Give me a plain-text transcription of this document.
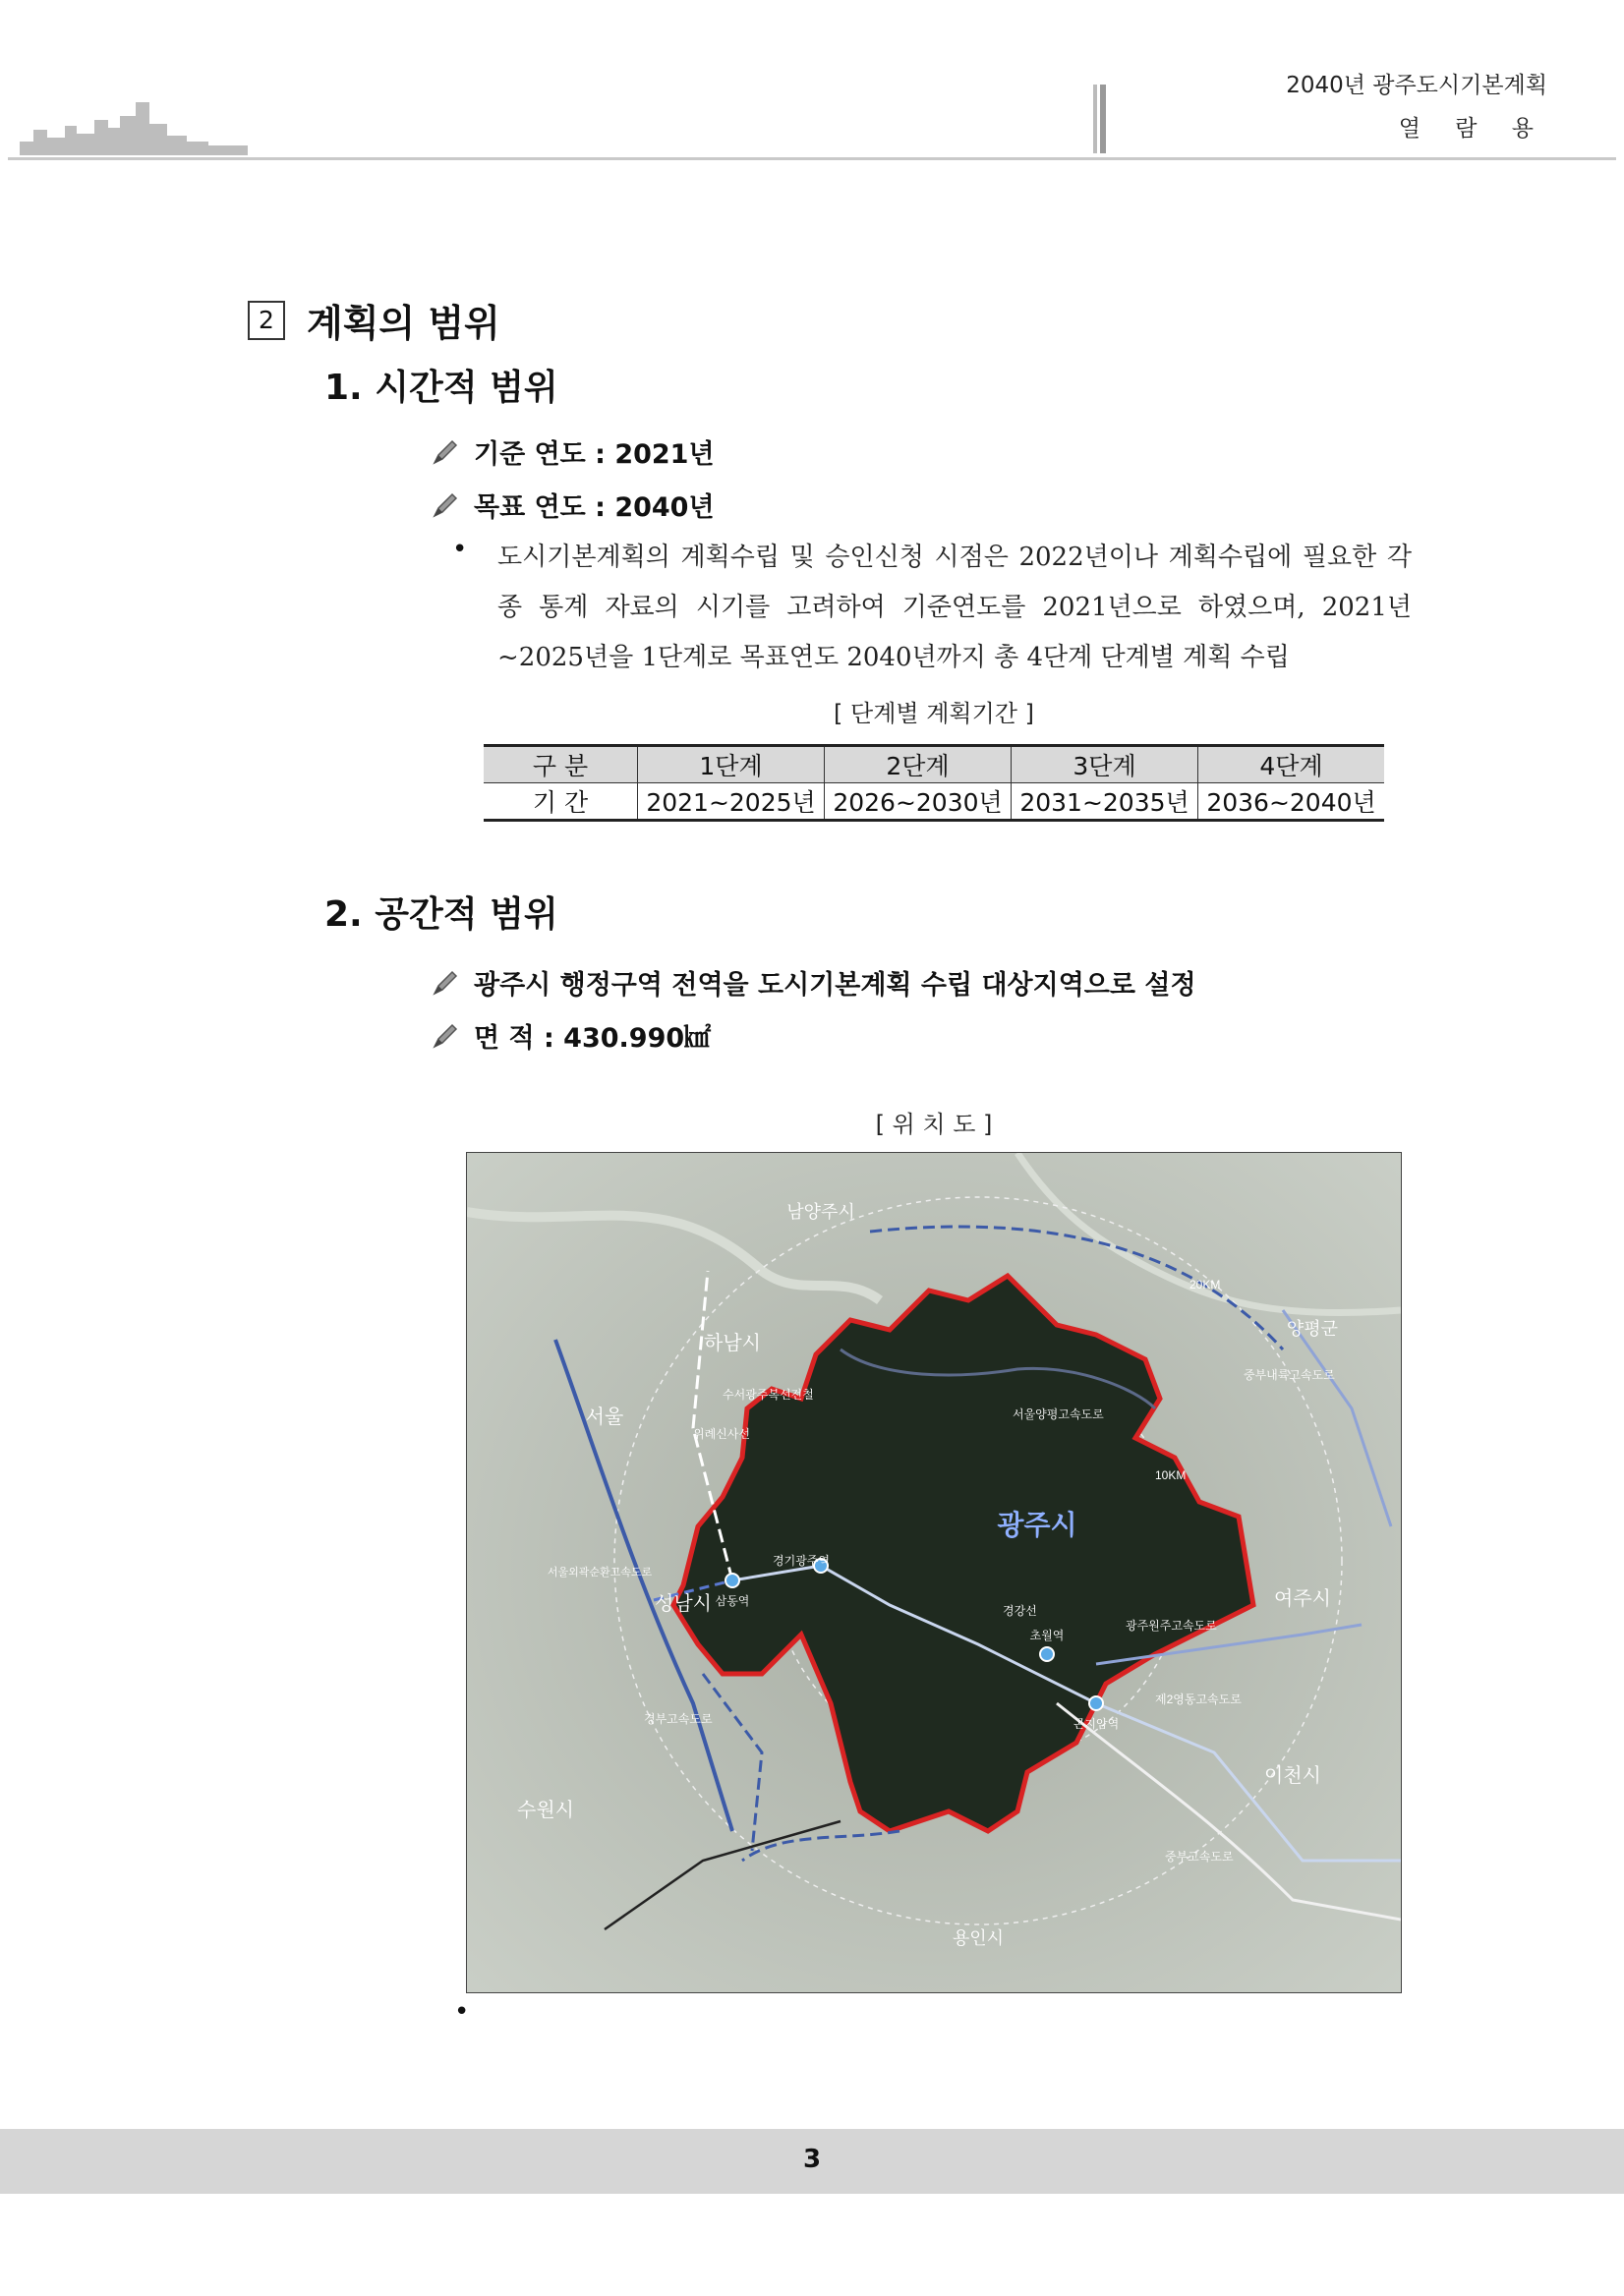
2040년 광주도시기본계획
열 람 용
2 계획의 범위
1. 시간적 범위
기준 연도 : 2021년
목표 연도 : 2040년
• 도시기본계획의 계획수립 및 승인신청 시점은 2022년이나 계획수립에 필요한 각종 통계 자료의 시기를 고려하여 기준연도를 2021년으로 하였으며, 2021년~2025년을 1단계로 목표연도 2040년까지 총 4단계 단계별 계획 수립
[ 단계별 계획기간 ]
구 분	1단계	2단계	3단계	4단계
기 간	2021~2025년	2026~2030년	2031~2035년	2036~2040년
2. 공간적 범위
광주시 행정구역 전역을 도시기본계획 수립 대상지역으로 설정
면 적 : 430.990㎢
[ 위 치 도 ]
남양주시
양평군
하남시
서울
성남시	여주시
이천시
수원시
용인시
광주시
20KM
10KM
경기광주역
삼동역
초월역
곤지암역
서울양평고속도로
광주원주고속도로
서울외곽순환고속도로
경강선
위례신사선
수서광주복선전철
경부고속도로
중부고속도로
제2영동고속도로
중부내륙고속도로
•
3
